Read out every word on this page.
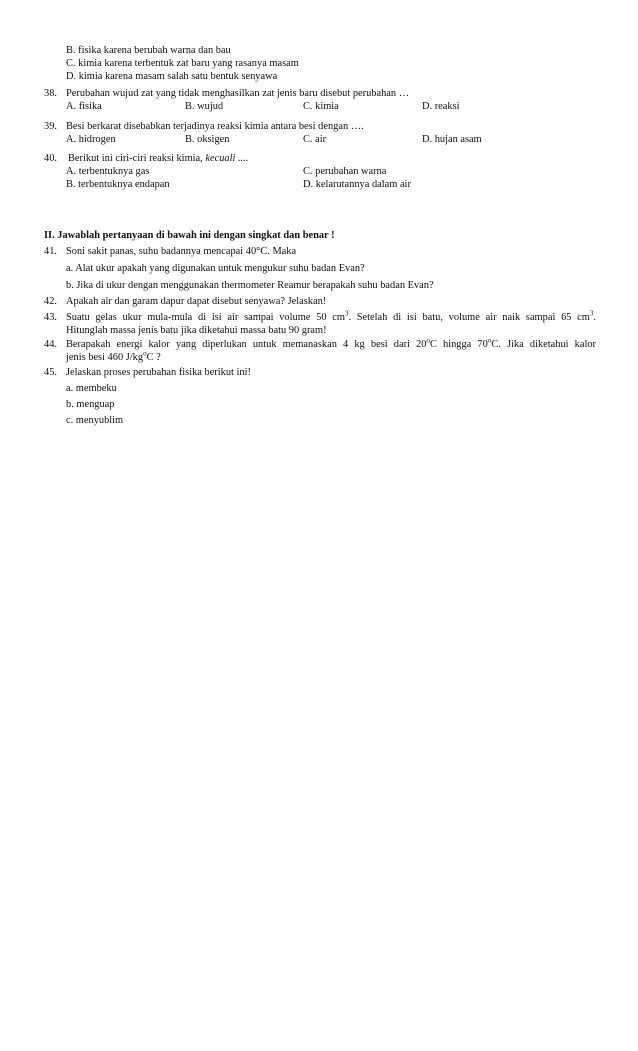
B. fisika karena berubah warna dan bau
C. kimia karena terbentuk zat baru yang rasanya masam
D. kimia karena masam salah satu bentuk senyawa
38. Perubahan wujud zat yang tidak menghasilkan zat jenis baru disebut perubahan …
A. fisika	B. wujud	C. kimia	D. reaksi
39. Besi berkarat disebabkan terjadinya reaksi kimia antara besi dengan ….
A. hidrogen	B. oksigen	C. air	D. hujan asam
40. Berikut ini ciri-ciri reaksi kimia, kecuali ....
A. terbentuknya gas
B. terbentuknya endapan
C. perubahan warna
D. kelarutannya dalam air
II. Jawablah pertanyaan di bawah ini dengan singkat dan benar !
41. Soni sakit panas, suhu badannya mencapai 40°C. Maka
a. Alat ukur apakah yang digunakan untuk mengukur suhu badan Evan?
b. Jika di ukur dengan menggunakan thermometer Reamur berapakah suhu badan Evan?
42. Apakah air dan garam dapur dapat disebut senyawa? Jelaskan!
43. Suatu gelas ukur mula-mula di isi air sampai volume 50 $cm^3$. Setelah di isi batu, volume air naik sampai 65 $cm^3$.
Hitunglah massa jenis batu jika diketahui massa batu 90 gram!
44. Berapakah energi kalor yang diperlukan untuk memanaskan 4 kg besi dari 20$^o$C hingga 70$^o$C. Jika diketahui kalor
jenis besi 460 $J/kg^oC$ ?
45. Jelaskan proses perubahan fisika berikut ini!
a. membeku
b. menguap
c. menyublim
